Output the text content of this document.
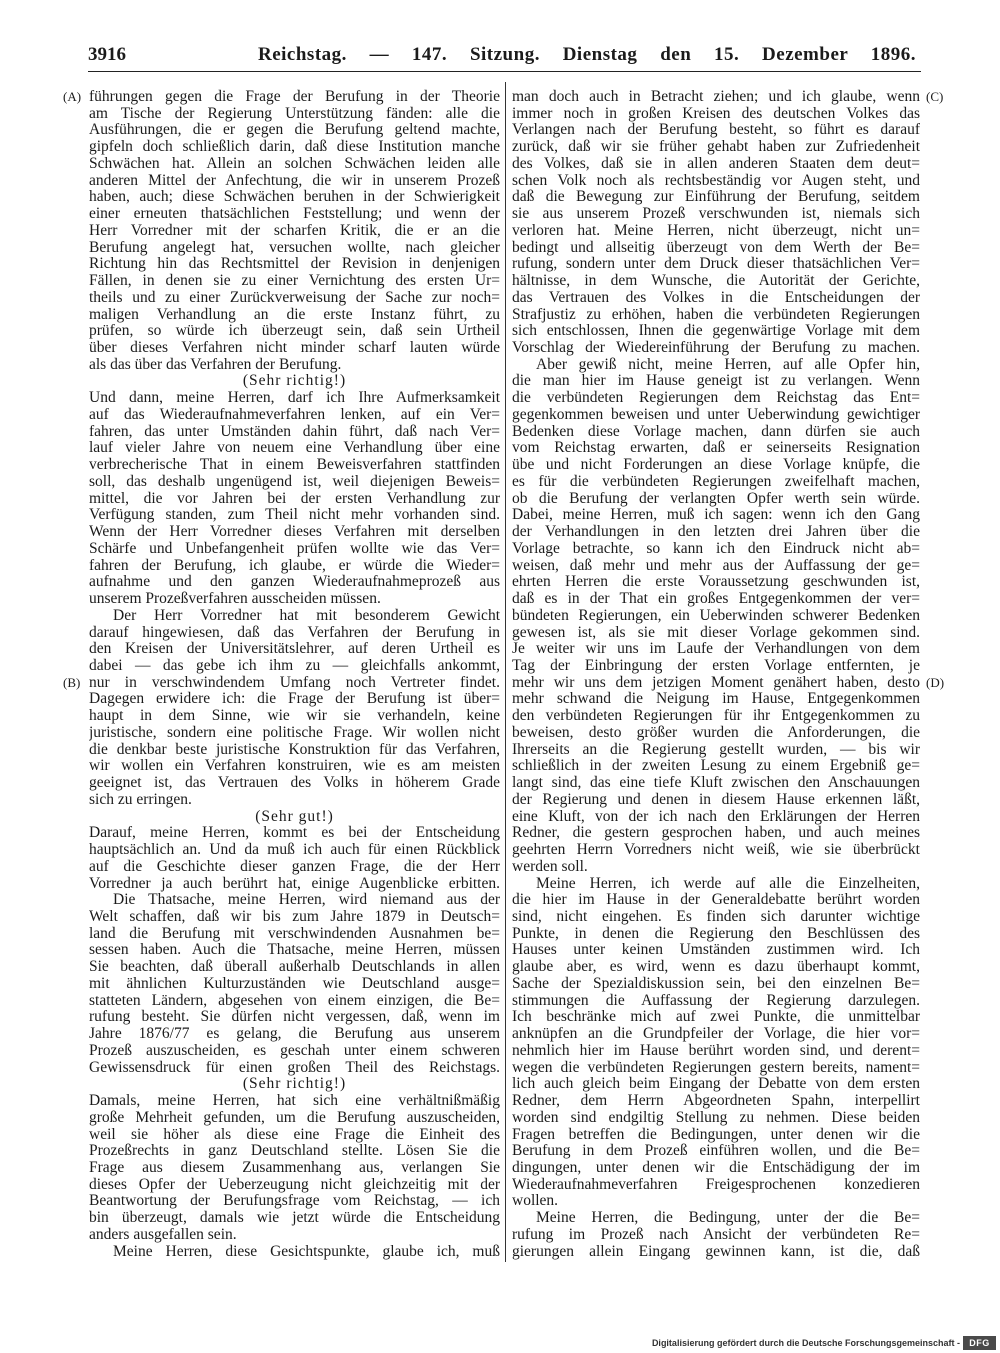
3916	Reichstag. — 147. Sitzung. Dienstag den 15. Dezember 1896.
(A)
(B)
(C)
(D)
führungen gegen die Frage der Berufung in der Theorie
am Tische der Regierung Unterstützung fänden: alle die
Ausführungen, die er gegen die Berufung geltend machte,
gipfeln doch schließlich darin, daß diese Institution manche
Schwächen hat. Allein an solchen Schwächen leiden alle
anderen Mittel der Anfechtung, die wir in unserem Prozeß
haben, auch; diese Schwächen beruhen in der Schwierigkeit
einer erneuten thatsächlichen Feststellung; und wenn der
Herr Vorredner mit der scharfen Kritik, die er an die
Berufung angelegt hat, versuchen wollte, nach gleicher
Richtung hin das Rechtsmittel der Revision in denjenigen
Fällen, in denen sie zu einer Vernichtung des ersten Ur=
theils und zu einer Zurückverweisung der Sache zur noch=
maligen Verhandlung an die erste Instanz führt, zu
prüfen, so würde ich überzeugt sein, daß sein Urtheil
über dieses Verfahren nicht minder scharf lauten würde
als das über das Verfahren der Berufung.
(Sehr richtig!)
Und dann, meine Herren, darf ich Ihre Aufmerksamkeit
auf das Wiederaufnahmeverfahren lenken, auf ein Ver=
fahren, das unter Umständen dahin führt, daß nach Ver=
lauf vieler Jahre von neuem eine Verhandlung über eine
verbrecherische That in einem Beweisverfahren stattfinden
soll, das deshalb ungenügend ist, weil diejenigen Beweis=
mittel, die vor Jahren bei der ersten Verhandlung zur
Verfügung standen, zum Theil nicht mehr vorhanden sind.
Wenn der Herr Vorredner dieses Verfahren mit derselben
Schärfe und Unbefangenheit prüfen wollte wie das Ver=
fahren der Berufung, ich glaube, er würde die Wieder=
aufnahme und den ganzen Wiederaufnahmeprozeß aus
unserem Prozeßverfahren ausscheiden müssen.
Der Herr Vorredner hat mit besonderem Gewicht
darauf hingewiesen, daß das Verfahren der Berufung in
den Kreisen der Universitätslehrer, auf deren Urtheil es
dabei — das gebe ich ihm zu — gleichfalls ankommt,
nur in verschwindendem Umfang noch Vertreter findet.
Dagegen erwidere ich: die Frage der Berufung ist über=
haupt in dem Sinne, wie wir sie verhandeln, keine
juristische, sondern eine politische Frage. Wir wollen nicht
die denkbar beste juristische Konstruktion für das Verfahren,
wir wollen ein Verfahren konstruiren, wie es am meisten
geeignet ist, das Vertrauen des Volks in höherem Grade
sich zu erringen.
(Sehr gut!)
Darauf, meine Herren, kommt es bei der Entscheidung
hauptsächlich an. Und da muß ich auch für einen Rückblick
auf die Geschichte dieser ganzen Frage, die der Herr
Vorredner ja auch berührt hat, einige Augenblicke erbitten.
Die Thatsache, meine Herren, wird niemand aus der
Welt schaffen, daß wir bis zum Jahre 1879 in Deutsch=
land die Berufung mit verschwindenden Ausnahmen be=
sessen haben. Auch die Thatsache, meine Herren, müssen
Sie beachten, daß überall außerhalb Deutschlands in allen
mit ähnlichen Kulturzuständen wie Deutschland ausge=
statteten Ländern, abgesehen von einem einzigen, die Be=
rufung besteht. Sie dürfen nicht vergessen, daß, wenn im
Jahre 1876/77 es gelang, die Berufung aus unserem
Prozeß auszuscheiden, es geschah unter einem schweren
Gewissensdruck für einen großen Theil des Reichstags.
(Sehr richtig!)
Damals, meine Herren, hat sich eine verhältnißmäßig
große Mehrheit gefunden, um die Berufung auszuscheiden,
weil sie höher als diese eine Frage die Einheit des
Prozeßrechts in ganz Deutschland stellte. Lösen Sie die
Frage aus diesem Zusammenhang aus, verlangen Sie
dieses Opfer der Ueberzeugung nicht gleichzeitig mit der
Beantwortung der Berufungsfrage vom Reichstag, — ich
bin überzeugt, damals wie jetzt würde die Entscheidung
anders ausgefallen sein.
Meine Herren, diese Gesichtspunkte, glaube ich, muß
man doch auch in Betracht ziehen; und ich glaube, wenn
immer noch in großen Kreisen des deutschen Volkes das
Verlangen nach der Berufung besteht, so führt es darauf
zurück, daß wir sie früher gehabt haben zur Zufriedenheit
des Volkes, daß sie in allen anderen Staaten dem deut=
schen Volk noch als rechtsbeständig vor Augen steht, und
daß die Bewegung zur Einführung der Berufung, seitdem
sie aus unserem Prozeß verschwunden ist, niemals sich
verloren hat. Meine Herren, nicht überzeugt, nicht un=
bedingt und allseitig überzeugt von dem Werth der Be=
rufung, sondern unter dem Druck dieser thatsächlichen Ver=
hältnisse, in dem Wunsche, die Autorität der Gerichte,
das Vertrauen des Volkes in die Entscheidungen der
Strafjustiz zu erhöhen, haben die verbündeten Regierungen
sich entschlossen, Ihnen die gegenwärtige Vorlage mit dem
Vorschlag der Wiedereinführung der Berufung zu machen.
Aber gewiß nicht, meine Herren, auf alle Opfer hin,
die man hier im Hause geneigt ist zu verlangen. Wenn
die verbündeten Regierungen dem Reichstag das Ent=
gegenkommen beweisen und unter Ueberwindung gewichtiger
Bedenken diese Vorlage machen, dann dürfen sie auch
vom Reichstag erwarten, daß er seinerseits Resignation
übe und nicht Forderungen an diese Vorlage knüpfe, die
es für die verbündeten Regierungen zweifelhaft machen,
ob die Berufung der verlangten Opfer werth sein würde.
Dabei, meine Herren, muß ich sagen: wenn ich den Gang
der Verhandlungen in den letzten drei Jahren über die
Vorlage betrachte, so kann ich den Eindruck nicht ab=
weisen, daß mehr und mehr aus der Auffassung der ge=
ehrten Herren die erste Voraussetzung geschwunden ist,
daß es in der That ein großes Entgegenkommen der ver=
bündeten Regierungen, ein Ueberwinden schwerer Bedenken
gewesen ist, als sie mit dieser Vorlage gekommen sind.
Je weiter wir uns im Laufe der Verhandlungen von dem
Tag der Einbringung der ersten Vorlage entfernten, je
mehr wir uns dem jetzigen Moment genähert haben, desto
mehr schwand die Neigung im Hause, Entgegenkommen
den verbündeten Regierungen für ihr Entgegenkommen zu
beweisen, desto größer wurden die Anforderungen, die
Ihrerseits an die Regierung gestellt wurden, — bis wir
schließlich in der zweiten Lesung zu einem Ergebniß ge=
langt sind, das eine tiefe Kluft zwischen den Anschauungen
der Regierung und denen in diesem Hause erkennen läßt,
eine Kluft, von der ich nach den Erklärungen der Herren
Redner, die gestern gesprochen haben, und auch meines
geehrten Herrn Vorredners nicht weiß, wie sie überbrückt
werden soll.
Meine Herren, ich werde auf alle die Einzelheiten,
die hier im Hause in der Generaldebatte berührt worden
sind, nicht eingehen. Es finden sich darunter wichtige
Punkte, in denen die Regierung den Beschlüssen des
Hauses unter keinen Umständen zustimmen wird. Ich
glaube aber, es wird, wenn es dazu überhaupt kommt,
Sache der Spezialdiskussion sein, bei den einzelnen Be=
stimmungen die Auffassung der Regierung darzulegen.
Ich beschränke mich auf zwei Punkte, die unmittelbar
anknüpfen an die Grundpfeiler der Vorlage, die hier vor=
nehmlich hier im Hause berührt worden sind, und derent=
wegen die verbündeten Regierungen gestern bereits, nament=
lich auch gleich beim Eingang der Debatte von dem ersten
Redner, dem Herrn Abgeordneten Spahn, interpellirt
worden sind endgiltig Stellung zu nehmen. Diese beiden
Fragen betreffen die Bedingungen, unter denen wir die
Berufung in dem Prozeß einführen wollen, und die Be=
dingungen, unter denen wir die Entschädigung der im
Wiederaufnahmeverfahren Freigesprochenen konzedieren
wollen.
Meine Herren, die Bedingung, unter der die Be=
rufung im Prozeß nach Ansicht der verbündeten Re=
gierungen allein Eingang gewinnen kann, ist die, daß
Digitalisierung gefördert durch die Deutsche Forschungsgemeinschaft -	DFG
